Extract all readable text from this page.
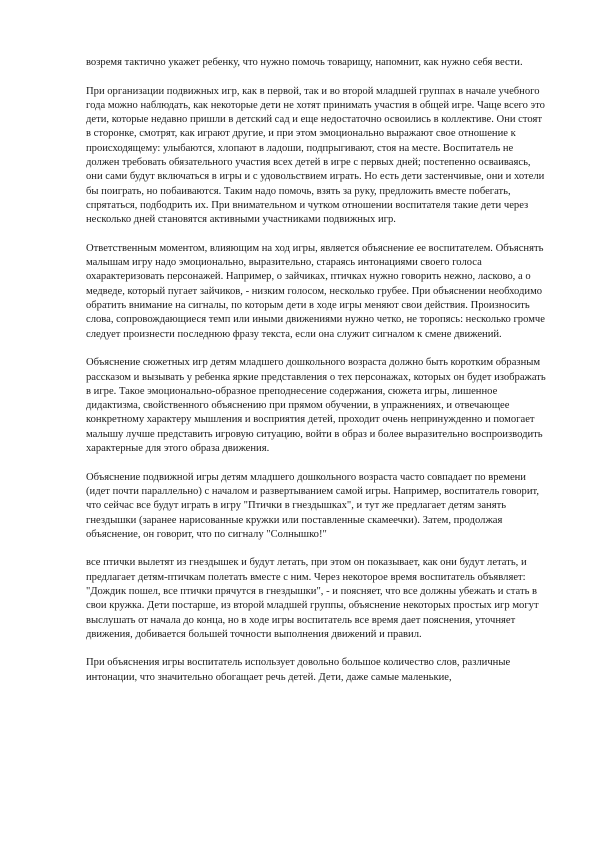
возремя тактично укажет ребенку, что нужно помочь товарищу, напомнит, как нужно себя вести.

При организации подвижных игр, как в первой, так и во второй младшей группах в начале учебного года можно наблюдать, как некоторые дети не хотят принимать участия в общей игре. Чаще всего это дети, которые недавно пришли в детский сад и еще недостаточно освоились в коллективе. Они стоят в сторонке, смотрят, как играют другие, и при этом эмоционально выражают свое отношение к происходящему: улыбаются, хлопают в ладоши, подпрыгивают, стоя на месте. Воспитатель не должен требовать обязательного участия всех детей в игре с первых дней; постепенно осваиваясь, они сами будут включаться в игры и с удовольствием играть. Но есть дети застенчивые, они и хотели бы поиграть, но побаиваются. Таким надо помочь, взять за руку, предложить вместе побегать, спрятаться, подбодрить их. При внимательном и чутком отношении воспитателя такие дети через несколько дней становятся активными участниками подвижных игр.

Ответственным моментом, влияющим на ход игры, является объяснение ее воспитателем. Объяснять малышам игру надо эмоционально, выразительно, стараясь интонациями своего голоса охарактеризовать персонажей. Например, о зайчиках, птичках нужно говорить нежно, ласково, а о медведе, который пугает зайчиков, - низким голосом, несколько грубее. При объяснении необходимо обратить внимание на сигналы, по которым дети в ходе игры меняют свои действия. Произносить слова, сопровождающиеся темп или иными движениями нужно четко, не торопясь: несколько громче следует произнести последнюю фразу текста, если она служит сигналом к смене движений.

Объяснение сюжетных игр детям младшего дошкольного возраста должно быть коротким образным рассказом и вызывать у ребенка яркие представления о тех персонажах, которых он будет изображать в игре. Такое эмоционально-образное преподнесение содержания, сюжета игры, лишенное дидактизма, свойственного объяснению при прямом обучении, в упражнениях, и отвечающее конкретному характеру мышления и восприятия детей, проходит очень непринужденно и помогает малышу лучше представить игровую ситуацию, войти в образ и более выразительно воспроизводить характерные для этого образа движения.

Объяснение подвижной игры детям младшего дошкольного возраста часто совпадает по времени (идет почти параллельно) с началом и развертыванием самой игры. Например, воспитатель говорит, что сейчас все будут играть в игру "Птички в гнездышках", и тут же предлагает детям занять гнездышки (заранее нарисованные кружки или поставленные скамеечки). Затем, продолжая объяснение, он говорит, что по сигналу "Солнышко!"

все птички вылетят из гнездышек и будут летать, при этом он показывает, как они будут летать, и предлагает детям-птичкам полетать вместе с ним. Через некоторое время воспитатель объявляет: "Дождик пошел, все птички прячутся в гнездышки", - и поясняет, что все должны убежать и стать в свои кружка. Дети постарше, из второй младшей группы, объяснение некоторых простых игр могут выслушать от начала до конца, но в ходе игры воспитатель все время дает пояснения, уточняет движения, добивается большей точности выполнения движений и правил.

При объяснения игры воспитатель использует довольно большое количество слов, различные интонации, что значительно обогащает речь детей. Дети, даже самые маленькие,
